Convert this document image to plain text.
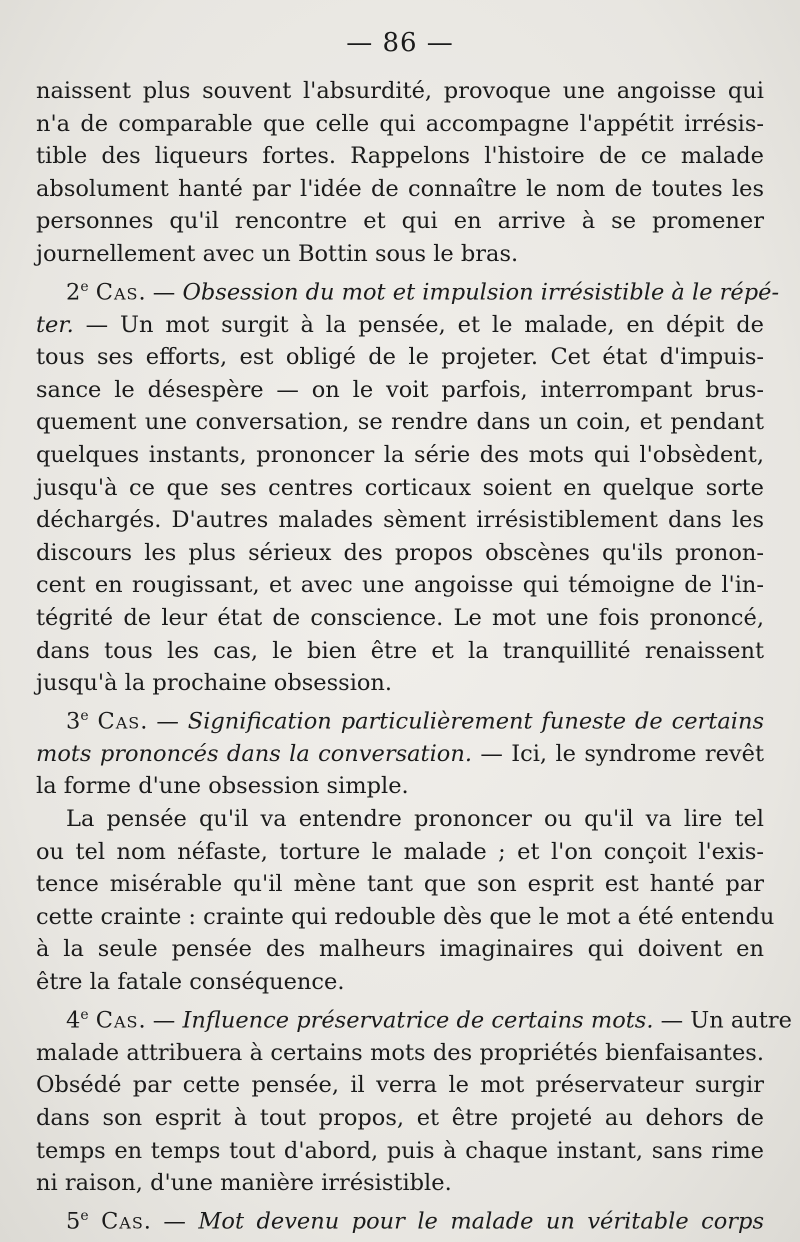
— 86 —

naissent plus souvent l'absurdité, provoque une angoisse qui
n'a de comparable que celle qui accompagne l'appétit irrésis-
tible des liqueurs fortes. Rappelons l'histoire de ce malade
absolument hanté par l'idée de connaître le nom de toutes les
personnes qu'il rencontre et qui en arrive à se promener
journellement avec un Bottin sous le bras.

2e Cas. — Obsession du mot et impulsion irrésistible à le répé-
ter. — Un mot surgit à la pensée, et le malade, en dépit de
tous ses efforts, est obligé de le projeter. Cet état d'impuis-
sance le désespère — on le voit parfois, interrompant brus-
quement une conversation, se rendre dans un coin, et pendant
quelques instants, prononcer la série des mots qui l'obsèdent,
jusqu'à ce que ses centres corticaux soient en quelque sorte
déchargés. D'autres malades sèment irrésistiblement dans les
discours les plus sérieux des propos obscènes qu'ils pronon-
cent en rougissant, et avec une angoisse qui témoigne de l'in-
tégrité de leur état de conscience. Le mot une fois prononcé,
dans tous les cas, le bien être et la tranquillité renaissent
jusqu'à la prochaine obsession.

3e Cas. — Signification particulièrement funeste de certains
mots prononcés dans la conversation. — Ici, le syndrome revêt
la forme d'une obsession simple.

La pensée qu'il va entendre prononcer ou qu'il va lire tel
ou tel nom néfaste, torture le malade ; et l'on conçoit l'exis-
tence misérable qu'il mène tant que son esprit est hanté par
cette crainte : crainte qui redouble dès que le mot a été entendu
à la seule pensée des malheurs imaginaires qui doivent en
être la fatale conséquence.

4e Cas. — Influence préservatrice de certains mots. — Un autre
malade attribuera à certains mots des propriétés bienfaisantes.
Obsédé par cette pensée, il verra le mot préservateur surgir
dans son esprit à tout propos, et être projeté au dehors de
temps en temps tout d'abord, puis à chaque instant, sans rime
ni raison, d'une manière irrésistible.

5e Cas. — Mot devenu pour le malade un véritable corps
